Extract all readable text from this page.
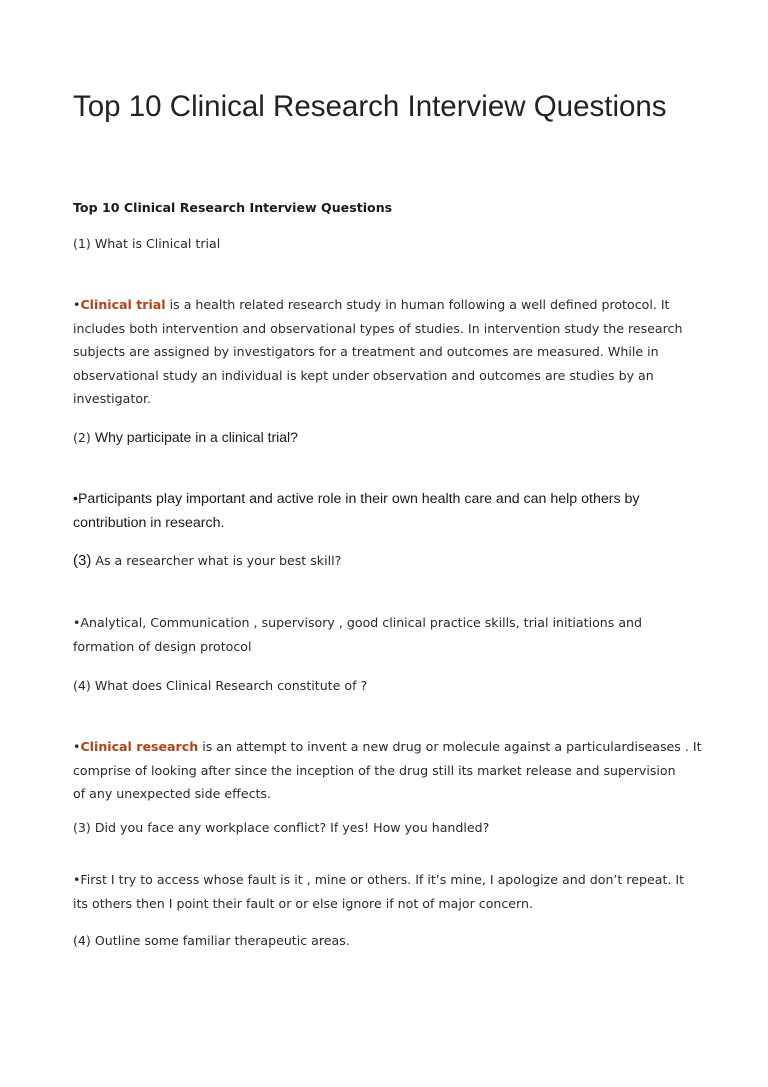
Top 10 Clinical Research Interview Questions
Top 10 Clinical Research Interview Questions

(1) What is Clinical trial

•Clinical trial is a health related research study in human following a well defined protocol. It
includes both intervention and observational types of studies. In intervention study the research
subjects are assigned by investigators for a treatment and outcomes are measured. While in
observational study an individual is kept under observation and outcomes are studies by an
investigator.

(2) Why participate in a clinical trial?

•Participants play important and active role in their own health care and can help others by
contribution in research.

(3) As a researcher what is your best skill?

•Analytical, Communication , supervisory , good clinical practice skills, trial initiations and
formation of design protocol

(4) What does Clinical Research constitute of ?

•Clinical research is an attempt to invent a new drug or molecule against a particulardiseases . It
comprise of looking after since the inception of the drug still its market release and supervision
of any unexpected side effects.

(3) Did you face any workplace conflict? If yes! How you handled?

•First I try to access whose fault is it , mine or others. If it’s mine, I apologize and don’t repeat. It
its others then I point their fault or or else ignore if not of major concern.

(4) Outline some familiar therapeutic areas.
